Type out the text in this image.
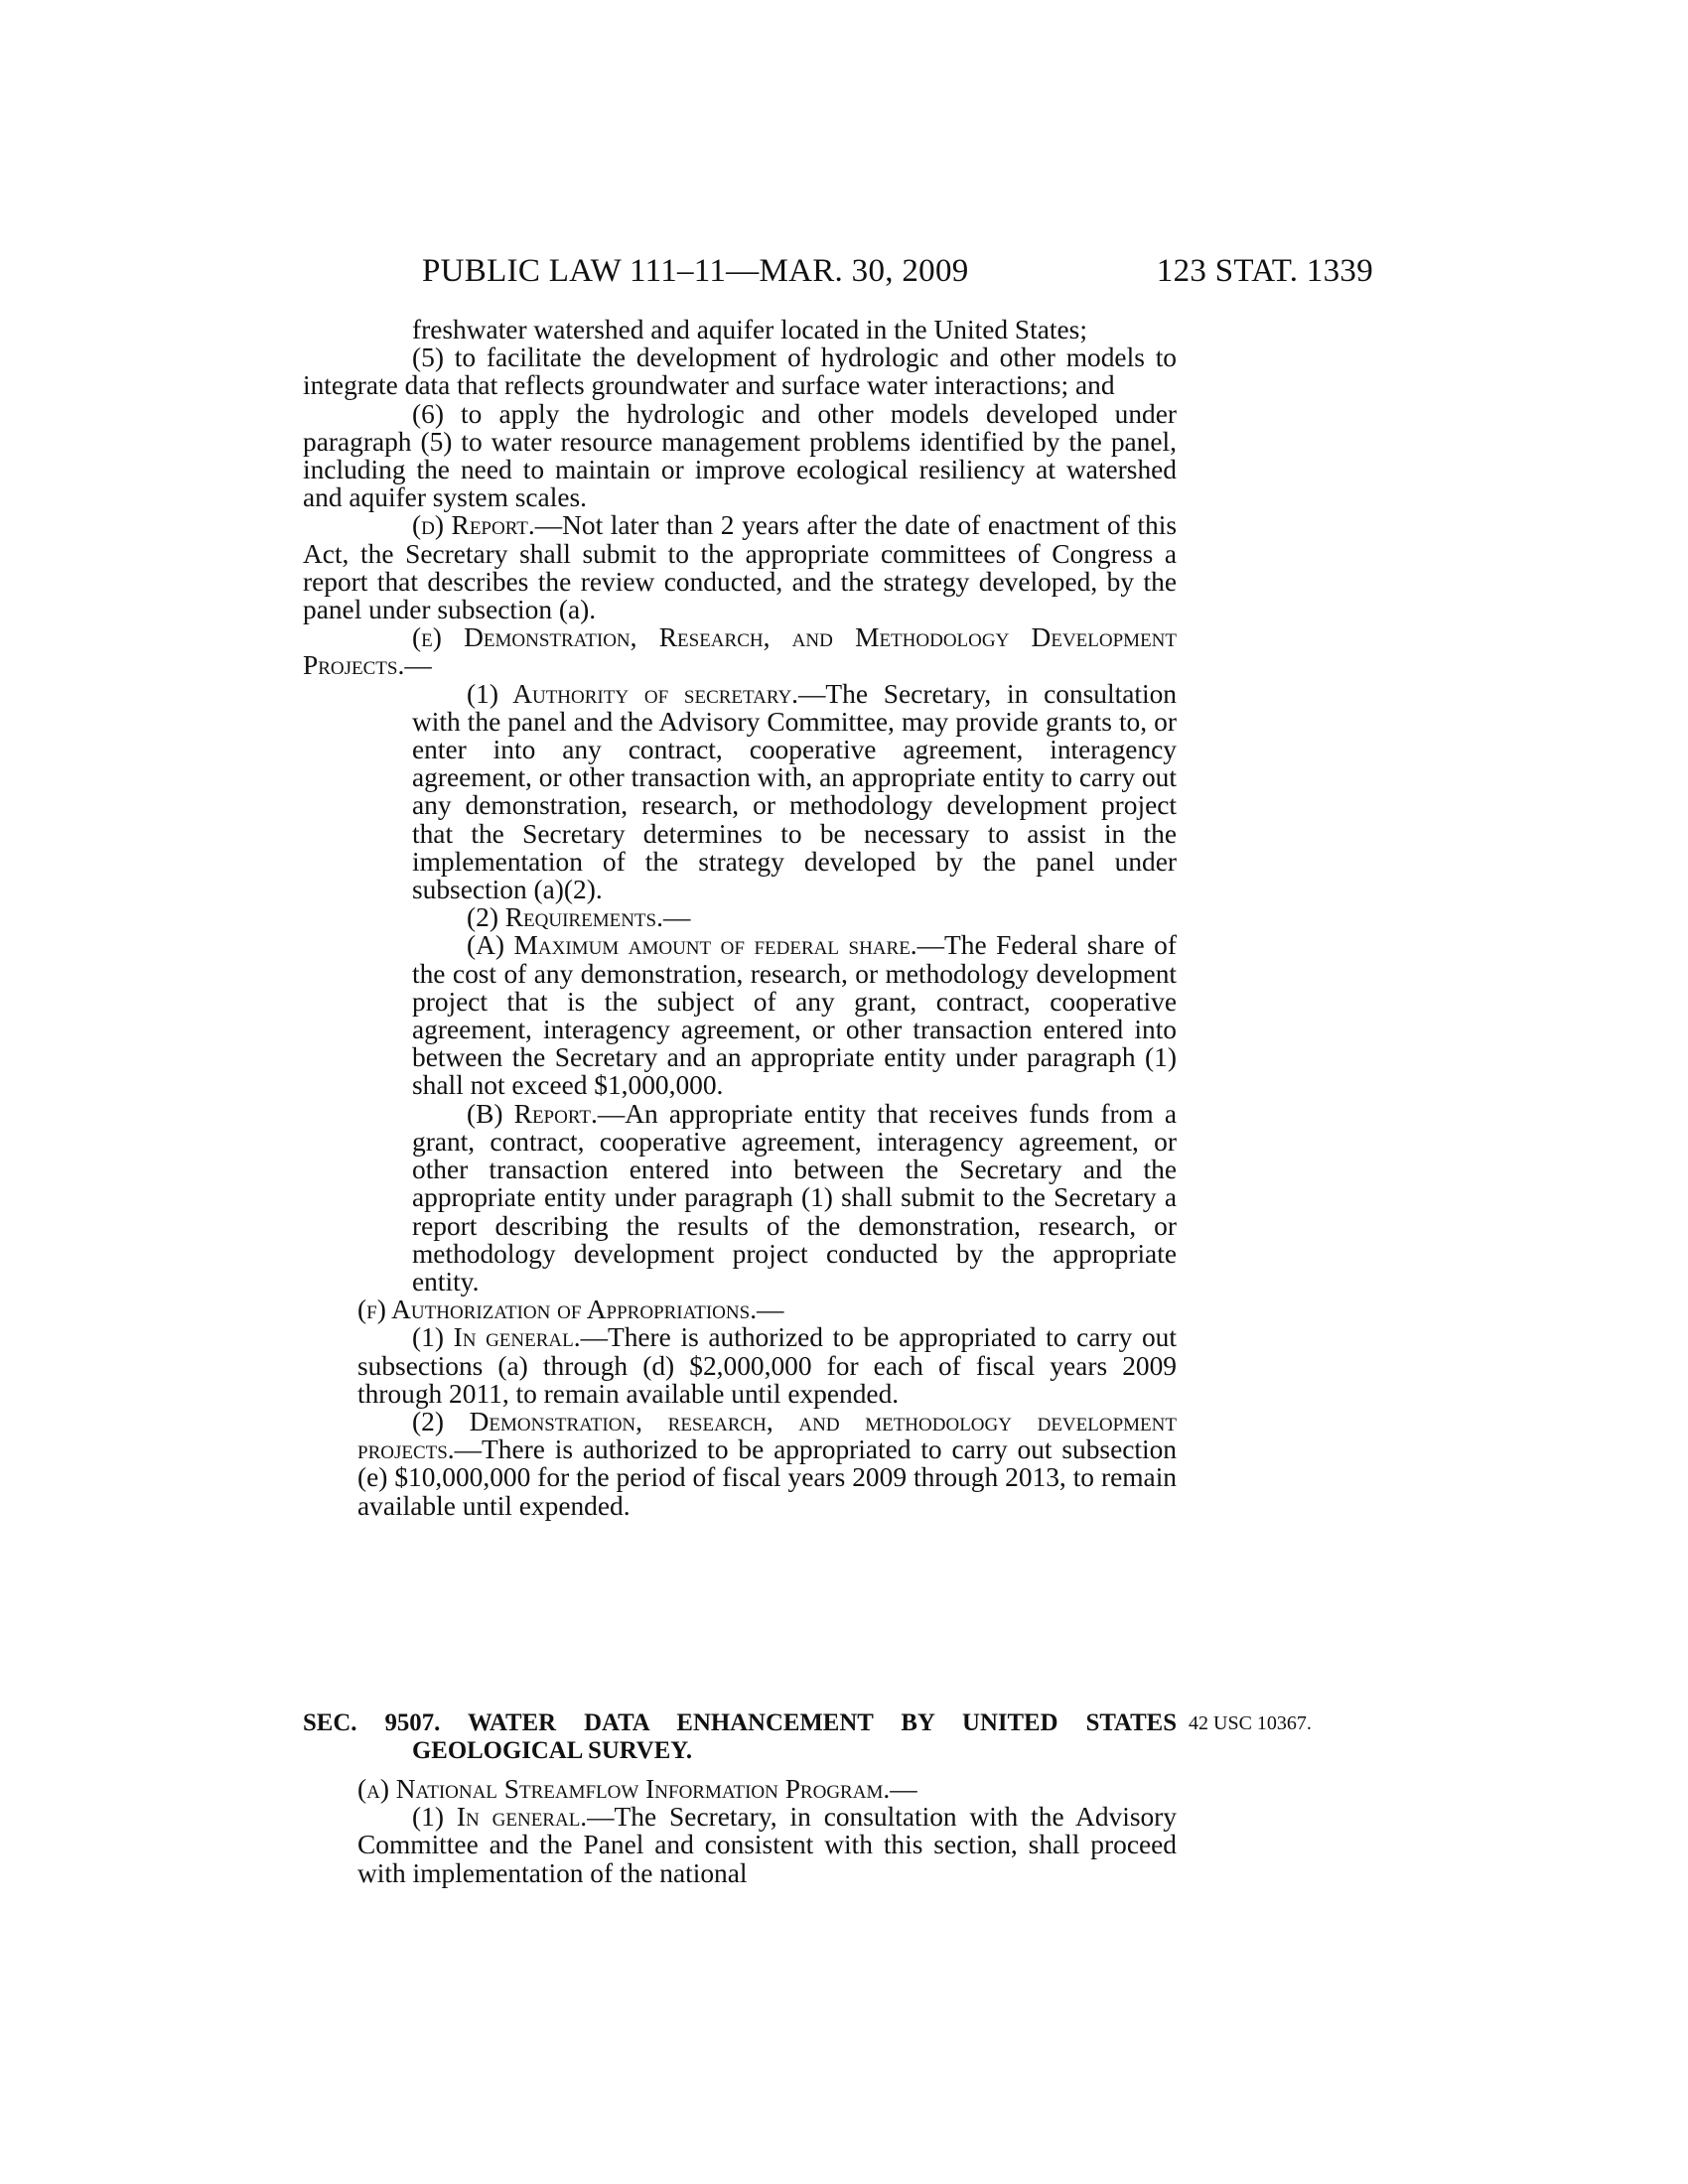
PUBLIC LAW 111–11—MAR. 30, 2009	123 STAT. 1339

freshwater watershed and aquifer located in the United States;

(5) to facilitate the development of hydrologic and other models to integrate data that reflects groundwater and surface water interactions; and

(6) to apply the hydrologic and other models developed under paragraph (5) to water resource management problems identified by the panel, including the need to maintain or improve ecological resiliency at watershed and aquifer system scales.

(d) Report.—Not later than 2 years after the date of enactment of this Act, the Secretary shall submit to the appropriate committees of Congress a report that describes the review conducted, and the strategy developed, by the panel under subsection (a).

(e) Demonstration, Research, and Methodology Development Projects.—

(1) Authority of secretary.—The Secretary, in consultation with the panel and the Advisory Committee, may provide grants to, or enter into any contract, cooperative agreement, interagency agreement, or other transaction with, an appropriate entity to carry out any demonstration, research, or methodology development project that the Secretary determines to be necessary to assist in the implementation of the strategy developed by the panel under subsection (a)(2).

(2) Requirements.—

(A) Maximum amount of federal share.—The Federal share of the cost of any demonstration, research, or methodology development project that is the subject of any grant, contract, cooperative agreement, interagency agreement, or other transaction entered into between the Secretary and an appropriate entity under paragraph (1) shall not exceed $1,000,000.

(B) Report.—An appropriate entity that receives funds from a grant, contract, cooperative agreement, interagency agreement, or other transaction entered into between the Secretary and the appropriate entity under paragraph (1) shall submit to the Secretary a report describing the results of the demonstration, research, or methodology development project conducted by the appropriate entity.

(f) Authorization of Appropriations.—

(1) In general.—There is authorized to be appropriated to carry out subsections (a) through (d) $2,000,000 for each of fiscal years 2009 through 2011, to remain available until expended.

(2) Demonstration, research, and methodology development projects.—There is authorized to be appropriated to carry out subsection (e) $10,000,000 for the period of fiscal years 2009 through 2013, to remain available until expended.

SEC. 9507. WATER DATA ENHANCEMENT BY UNITED STATES
GEOLOGICAL SURVEY.
42 USC 10367.

(a) National Streamflow Information Program.—

(1) In general.—The Secretary, in consultation with the Advisory Committee and the Panel and consistent with this section, shall proceed with implementation of the national
